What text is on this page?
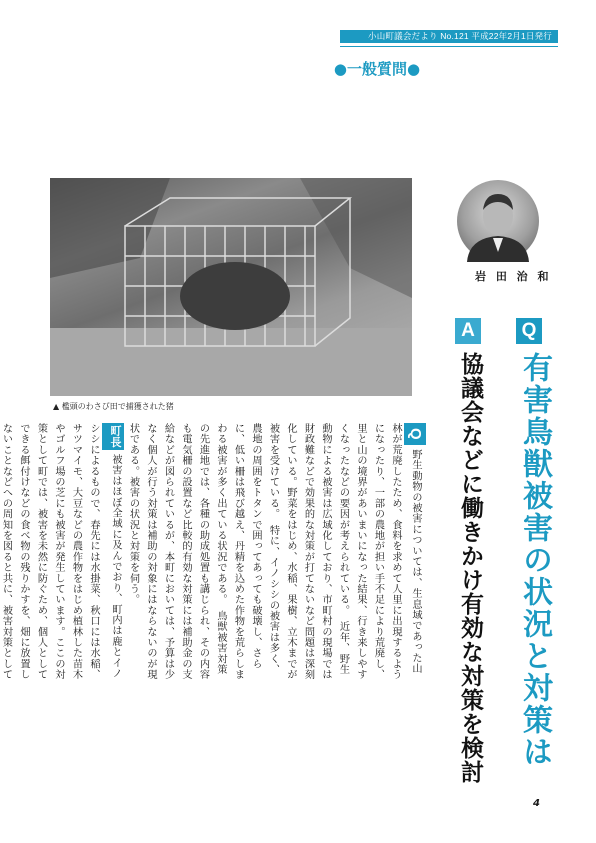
小山町議会だより No.121 平成22年2月1日発行
●一般質問●
▲ 檻頭のわさび田で捕獲された猪
岩 田 治 和
Q
A
有害鳥獣被害の状況と対策は
協議会などに働きかけ有効な対策を検討
Q野生動物の被害については、生息域であった山林が荒廃したため、食料を求めて人里に出現するようになったり、一部の農地が担い手不足により荒廃し、里と山の境界があいまいになった結果、行き来しやすくなったなどの要因が考えられている。　近年、野生動物による被害は広域化しており、市町村の現場では財政難などで効果的な対策が打てないなど問題は深刻化している。野菜をはじめ、水稲、果樹、立木までが被害を受けている。　特に、イノシシの被害は多く、農地の周囲をトタンで囲ってあっても破壊し、さらに、低い柵は飛び越え、丹精を込めた作物を荒らしまわる被害が多く出ている状況である。　鳥獣被害対策の先進地では、各種の助成処置も講じられ、その内容も電気柵の設置など比較的有効な対策には補助金の支給などが図られているが、本町においては、予算は少なく個人が行う対策は補助の対象にはならないのが現状である。被害の状況と対策を伺う。
町長被害はほぼ全域に及んでおり、町内は鹿とイノシシによるもので、春先には水掛菜、秋口には水稲、サツマイモ、大豆などの農作物をはじめ植林した苗木やゴルフ場の芝にも被害が発生しています。ここの対策として町では、被害を未然に防ぐため、個人としてできる餌付けなどの食べ物の残りかすを、畑に放置しないことなどへの周知を図ると共に、被害対策として
4
